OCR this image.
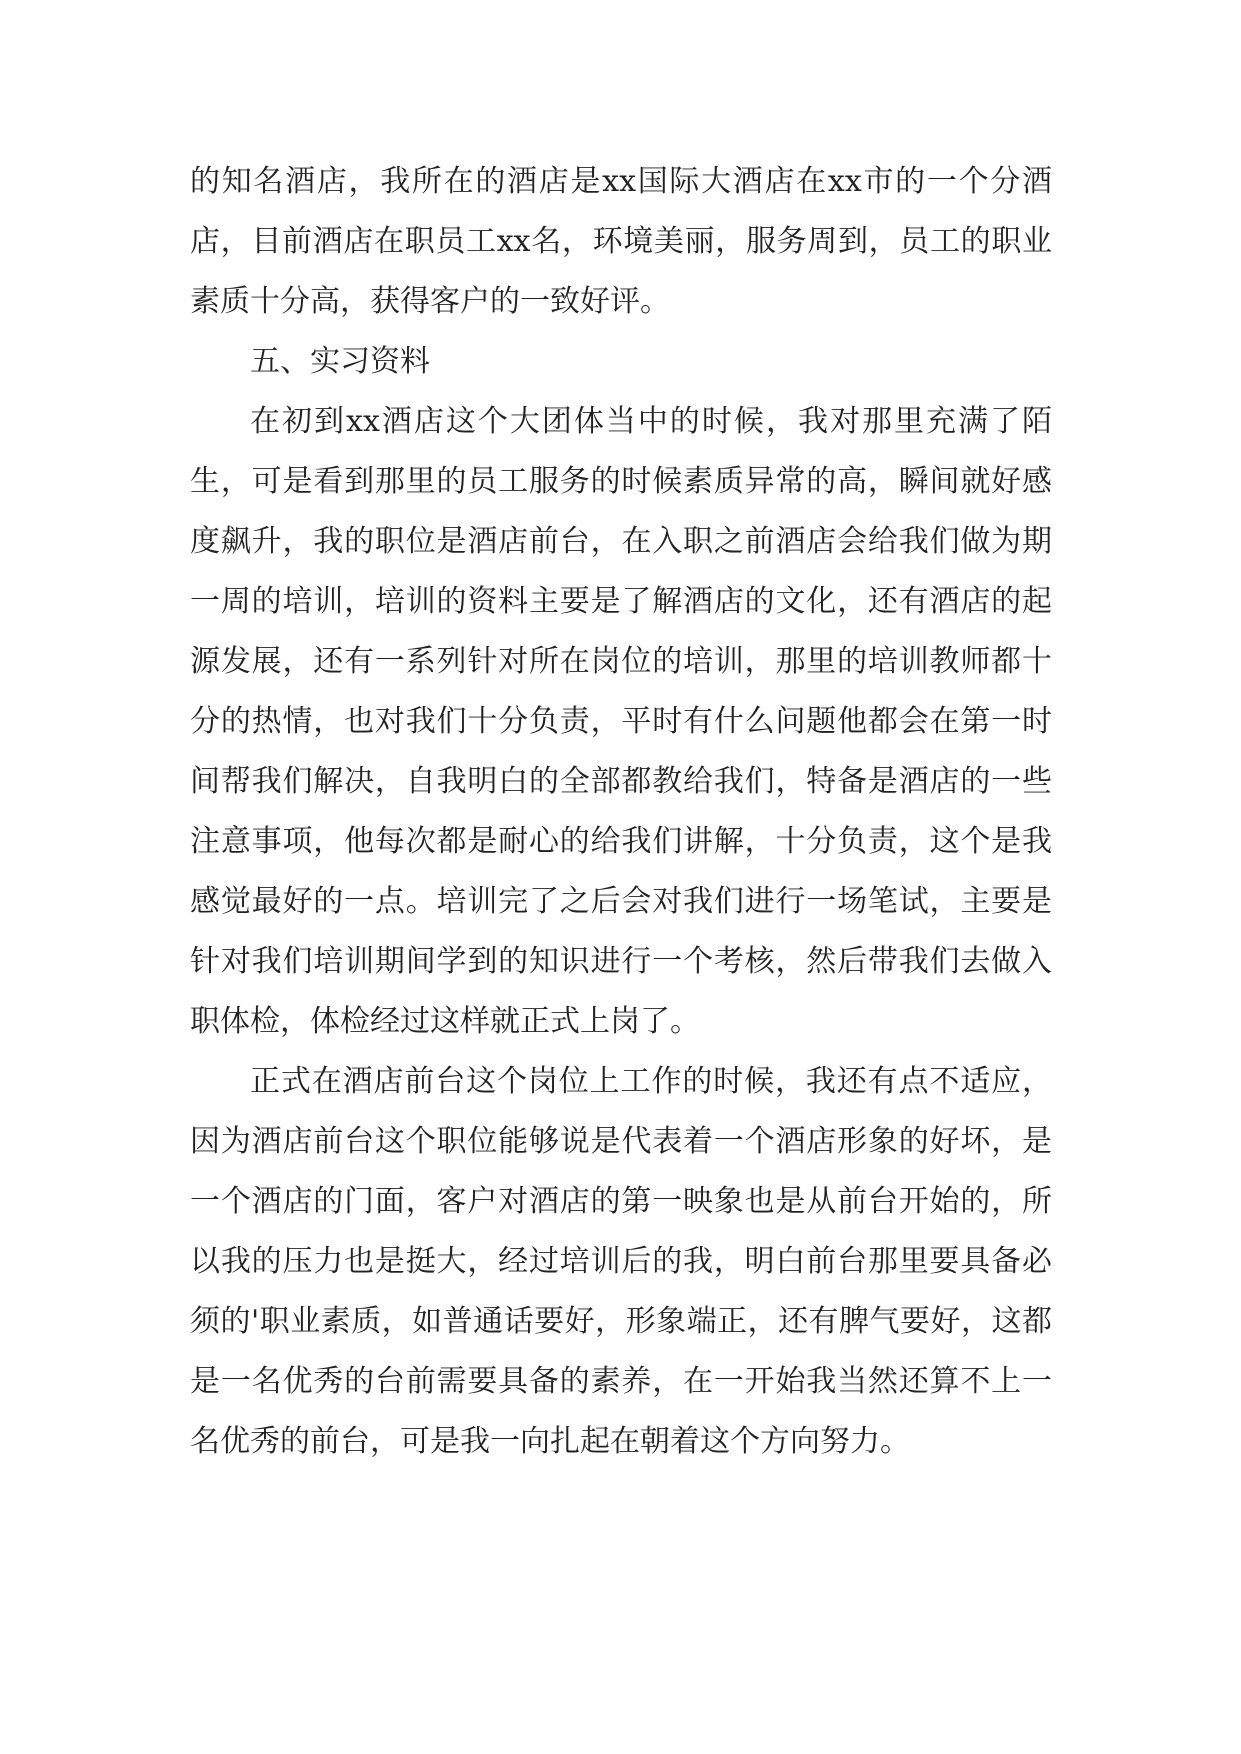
的知名酒店，我所在的酒店是xx国际大酒店在xx市的一个分酒店，目前酒店在职员工xx名，环境美丽，服务周到，员工的职业素质十分高，获得客户的一致好评。

五、实习资料

在初到xx酒店这个大团体当中的时候，我对那里充满了陌生，可是看到那里的员工服务的时候素质异常的高，瞬间就好感度飙升，我的职位是酒店前台，在入职之前酒店会给我们做为期一周的培训，培训的资料主要是了解酒店的文化，还有酒店的起源发展，还有一系列针对所在岗位的培训，那里的培训教师都十分的热情，也对我们十分负责，平时有什么问题他都会在第一时间帮我们解决，自我明白的全部都教给我们，特备是酒店的一些注意事项，他每次都是耐心的给我们讲解，十分负责，这个是我感觉最好的一点。培训完了之后会对我们进行一场笔试，主要是针对我们培训期间学到的知识进行一个考核，然后带我们去做入职体检，体检经过这样就正式上岗了。

正式在酒店前台这个岗位上工作的时候，我还有点不适应，因为酒店前台这个职位能够说是代表着一个酒店形象的好坏，是一个酒店的门面，客户对酒店的第一映象也是从前台开始的，所以我的压力也是挺大，经过培训后的我，明白前台那里要具备必须的'职业素质，如普通话要好，形象端正，还有脾气要好，这都是一名优秀的台前需要具备的素养，在一开始我当然还算不上一名优秀的前台，可是我一向扎起在朝着这个方向努力。
